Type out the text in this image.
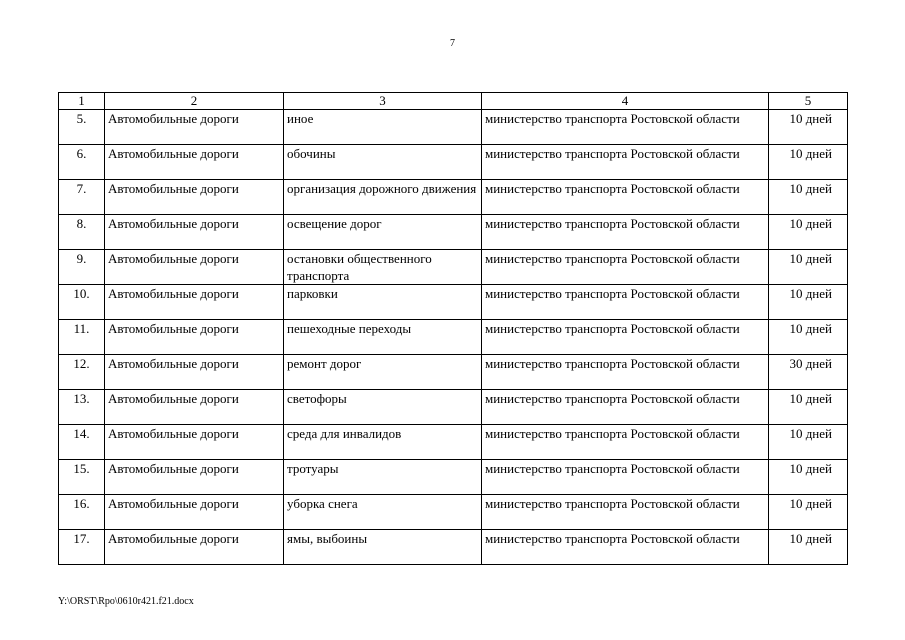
7
1	2	3	4	5
5.	Автомобильные дороги	иное	министерство транспорта Ростовской области	10 дней
6.	Автомобильные дороги	обочины	министерство транспорта Ростовской области	10 дней
7.	Автомобильные дороги	организация дорожного движения	министерство транспорта Ростовской области	10 дней
8.	Автомобильные дороги	освещение дорог	министерство транспорта Ростовской области	10 дней
9.	Автомобильные дороги	остановки общественного транспорта	министерство транспорта Ростовской области	10 дней
10.	Автомобильные дороги	парковки	министерство транспорта Ростовской области	10 дней
11.	Автомобильные дороги	пешеходные переходы	министерство транспорта Ростовской области	10 дней
12.	Автомобильные дороги	ремонт дорог	министерство транспорта Ростовской области	30 дней
13.	Автомобильные дороги	светофоры	министерство транспорта Ростовской области	10 дней
14.	Автомобильные дороги	среда для инвалидов	министерство транспорта Ростовской области	10 дней
15.	Автомобильные дороги	тротуары	министерство транспорта Ростовской области	10 дней
16.	Автомобильные дороги	уборка снега	министерство транспорта Ростовской области	10 дней
17.	Автомобильные дороги	ямы, выбоины	министерство транспорта Ростовской области	10 дней
Y:\ORST\Rpo\0610r421.f21.docx
